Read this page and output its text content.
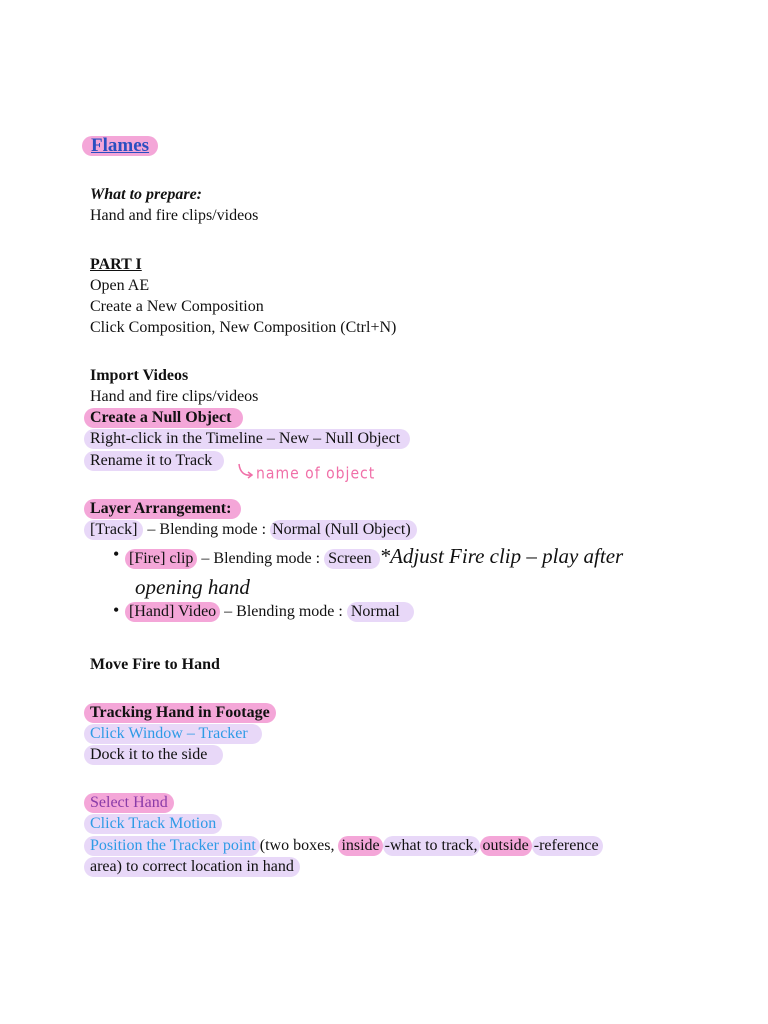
Flames
What to prepare:
Hand and fire clips/videos
PART I
Open AE
Create a New Composition
Click Composition, New Composition (Ctrl+N)
Import Videos
Hand and fire clips/videos
Create a Null Object
Right-click in the Timeline – New – Null Object
Rename it to Track
name of object
Layer Arrangement:
[Track] – Blending mode : Normal (Null Object)
• [Fire] clip – Blending mode : Screen *Adjust Fire clip – play after
opening hand
• [Hand] Video – Blending mode : Normal
Move Fire to Hand
Tracking Hand in Footage
Click Window – Tracker
Dock it to the side
Select Hand
Click Track Motion
Position the Tracker point (two boxes, inside -what to track, outside -reference
area) to correct location in hand
